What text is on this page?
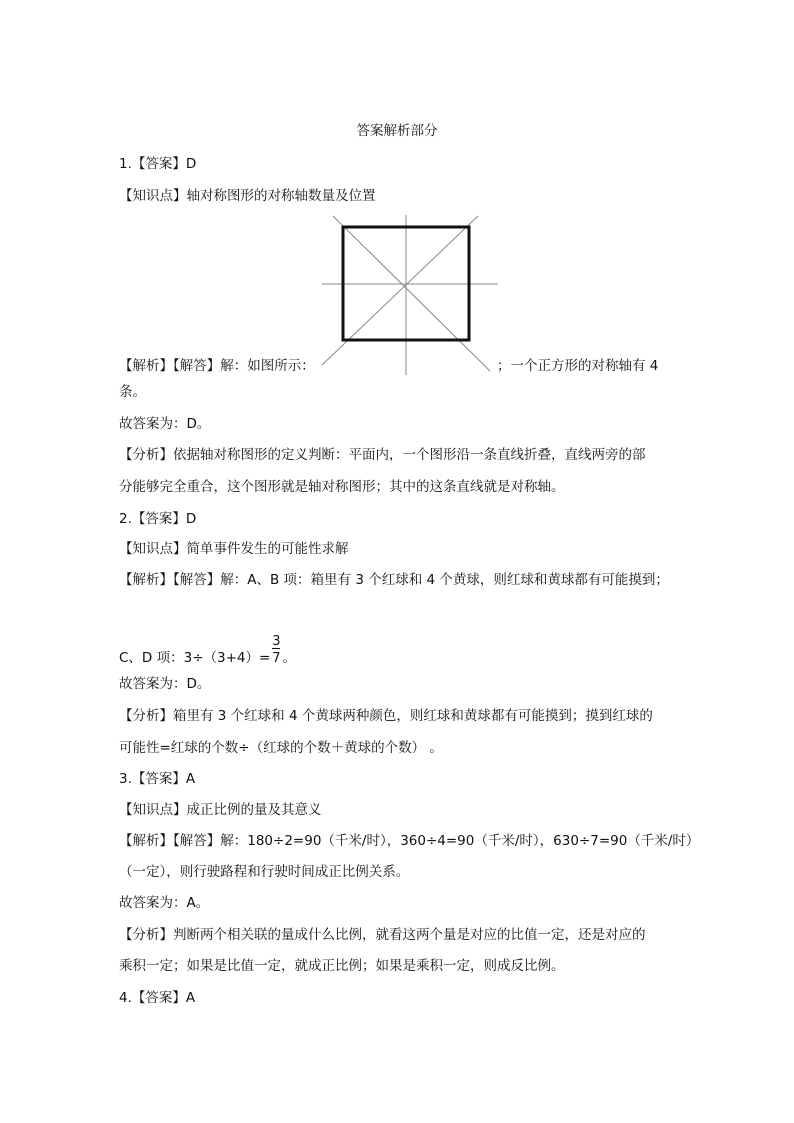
答案解析部分
1.【答案】D
【知识点】轴对称图形的对称轴数量及位置
【解析】【解答】解：如图所示：	；一个正方形的对称轴有 4
条。
故答案为：D。
【分析】依据轴对称图形的定义判断：平面内，一个图形沿一条直线折叠，直线两旁的部
分能够完全重合，这个图形就是轴对称图形；其中的这条直线就是对称轴。
2.【答案】D
【知识点】简单事件发生的可能性求解
【解析】【解答】解：A、B 项：箱里有 3 个红球和 4 个黄球，则红球和黄球都有可能摸到；
C、D 项：$3\div(3+4)= \frac{3}{7}$。
故答案为：D。
【分析】箱里有 3 个红球和 4 个黄球两种颜色，则红球和黄球都有可能摸到；摸到红球的
可能性=红球的个数÷（红球的个数＋黄球的个数） 。
3.【答案】A
【知识点】成正比例的量及其意义
【解析】【解答】解：180÷2=90（千米/时），360÷4=90（千米/时），630÷7=90（千米/时）
（一定），则行驶路程和行驶时间成正比例关系。
故答案为：A。
【分析】判断两个相关联的量成什么比例，就看这两个量是对应的比值一定，还是对应的
乘积一定；如果是比值一定，就成正比例；如果是乘积一定，则成反比例。
4.【答案】A
